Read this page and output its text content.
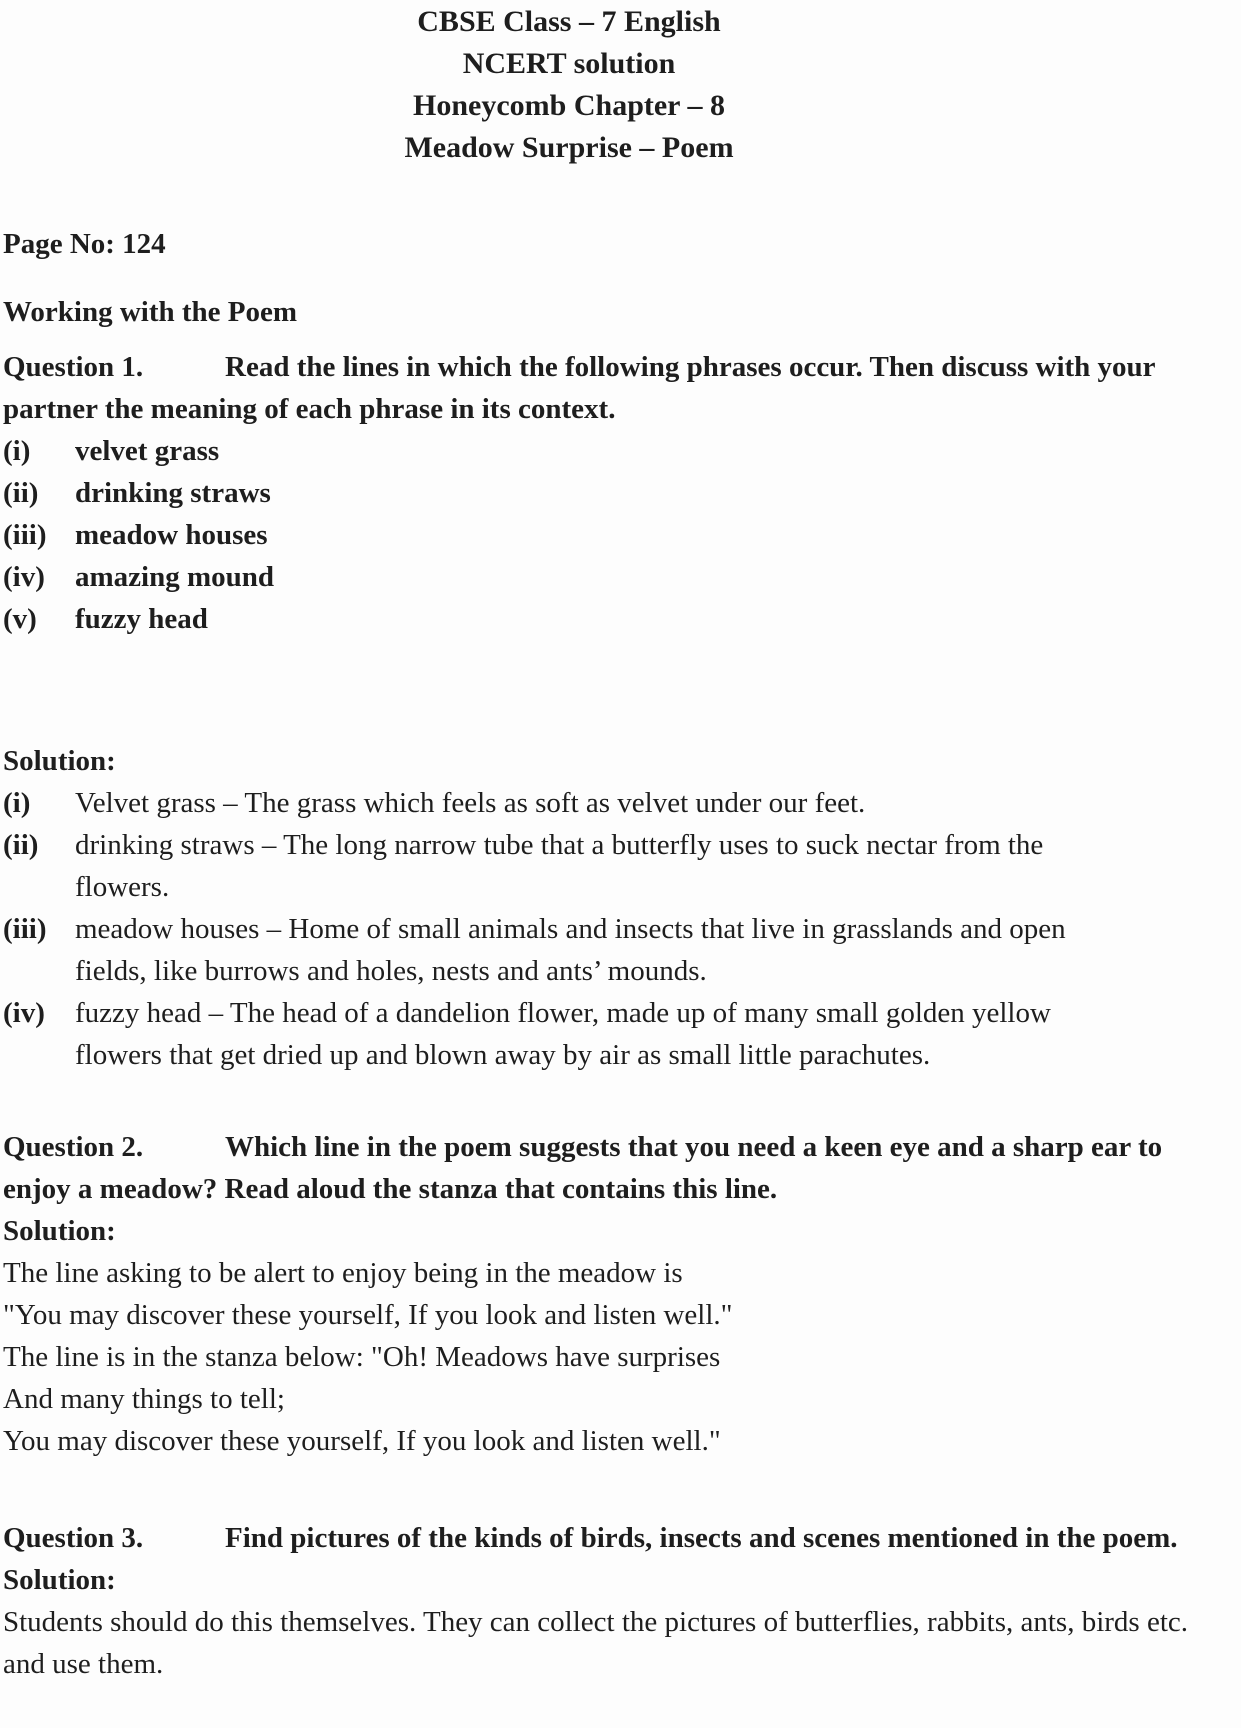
CBSE Class – 7 English
NCERT solution
Honeycomb Chapter – 8
Meadow Surprise – Poem
Page No: 124
Working with the Poem

Question 1.	Read the lines in which the following phrases occur. Then discuss with your partner the meaning of each phrase in its context.

(i)	velvet grass
(ii)	drinking straws
(iii) meadow houses
(iv)	amazing mound
(v)	fuzzy head
Solution:
(i)	Velvet grass – The grass which feels as soft as velvet under our feet.
(ii)	drinking straws – The long narrow tube that a butterfly uses to suck nectar from the flowers.
(iii) meadow houses – Home of small animals and insects that live in grasslands and open fields, like burrows and holes, nests and ants’ mounds.
(iv)	fuzzy head – The head of a dandelion flower, made up of many small golden yellow flowers that get dried up and blown away by air as small little parachutes.

Question 2.	Which line in the poem suggests that you need a keen eye and a sharp ear to enjoy a meadow? Read aloud the stanza that contains this line.

Solution:
The line asking to be alert to enjoy being in the meadow is
"You may discover these yourself, If you look and listen well."
The line is in the stanza below: "Oh! Meadows have surprises
And many things to tell;
You may discover these yourself, If you look and listen well."

Question 3.	Find pictures of the kinds of birds, insects and scenes mentioned in the poem.

Solution:
Students should do this themselves. They can collect the pictures of butterflies, rabbits, ants, birds etc. and use them.
